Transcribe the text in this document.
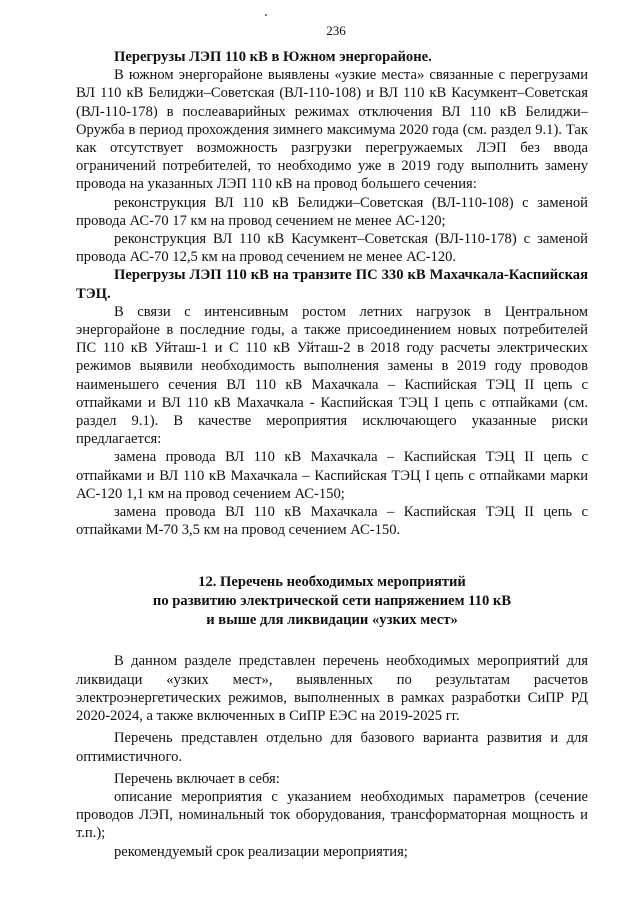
236

Перегрузы ЛЭП 110 кВ в Южном энергорайоне.

В южном энергорайоне выявлены «узкие места» связанные с перегрузами ВЛ 110 кВ Белиджи–Советская (ВЛ-110-108) и ВЛ 110 кВ Касумкент–Советская (ВЛ-110-178) в послеаварийных режимах отключения ВЛ 110 кВ Белиджи–Оружба в период прохождения зимнего максимума 2020 года (см. раздел 9.1). Так как отсутствует возможность разгрузки перегружаемых ЛЭП без ввода ограничений потребителей, то необходимо уже в 2019 году выполнить замену провода на указанных ЛЭП 110 кВ на провод большего сечения:

реконструкция ВЛ 110 кВ Белиджи–Советская (ВЛ-110-108) с заменой провода АС-70 17 км на провод сечением не менее АС-120;

реконструкция ВЛ 110 кВ Касумкент–Советская (ВЛ-110-178) с заменой провода АС-70 12,5 км на провод сечением не менее АС-120.

Перегрузы ЛЭП 110 кВ на транзите ПС 330 кВ Махачкала-Каспийская ТЭЦ.

В связи с интенсивным ростом летних нагрузок в Центральном энергорайоне в последние годы, а также присоединением новых потребителей ПС 110 кВ Уйташ-1 и С 110 кВ Уйташ-2 в 2018 году расчеты электрических режимов выявили необходимость выполнения замены в 2019 году проводов наименьшего сечения ВЛ 110 кВ Махачкала – Каспийская ТЭЦ II цепь с отпайками и ВЛ 110 кВ Махачкала - Каспийская ТЭЦ I цепь с отпайками (см. раздел 9.1). В качестве мероприятия исключающего указанные риски предлагается:

замена провода ВЛ 110 кВ Махачкала – Каспийская ТЭЦ II цепь с отпайками и ВЛ 110 кВ Махачкала – Каспийская ТЭЦ I цепь с отпайками марки АС-120 1,1 км на провод сечением АС-150;

замена провода ВЛ 110 кВ Махачкала – Каспийская ТЭЦ II цепь с отпайками М-70 3,5 км на провод сечением АС-150.

12. Перечень необходимых мероприятий
по развитию электрической сети напряжением 110 кВ
и выше для ликвидации «узких мест»

В данном разделе представлен перечень необходимых мероприятий для ликвидаци «узких мест», выявленных по результатам расчетов электроэнергетических режимов, выполненных в рамках разработки СиПР РД 2020-2024, а также включенных в СиПР ЕЭС на 2019-2025 гг.

Перечень представлен отдельно для базового варианта развития и для оптимистичного.

Перечень включает в себя:

описание мероприятия с указанием необходимых параметров (сечение проводов ЛЭП, номинальный ток оборудования, трансформаторная мощность и т.п.);

рекомендуемый срок реализации мероприятия;
